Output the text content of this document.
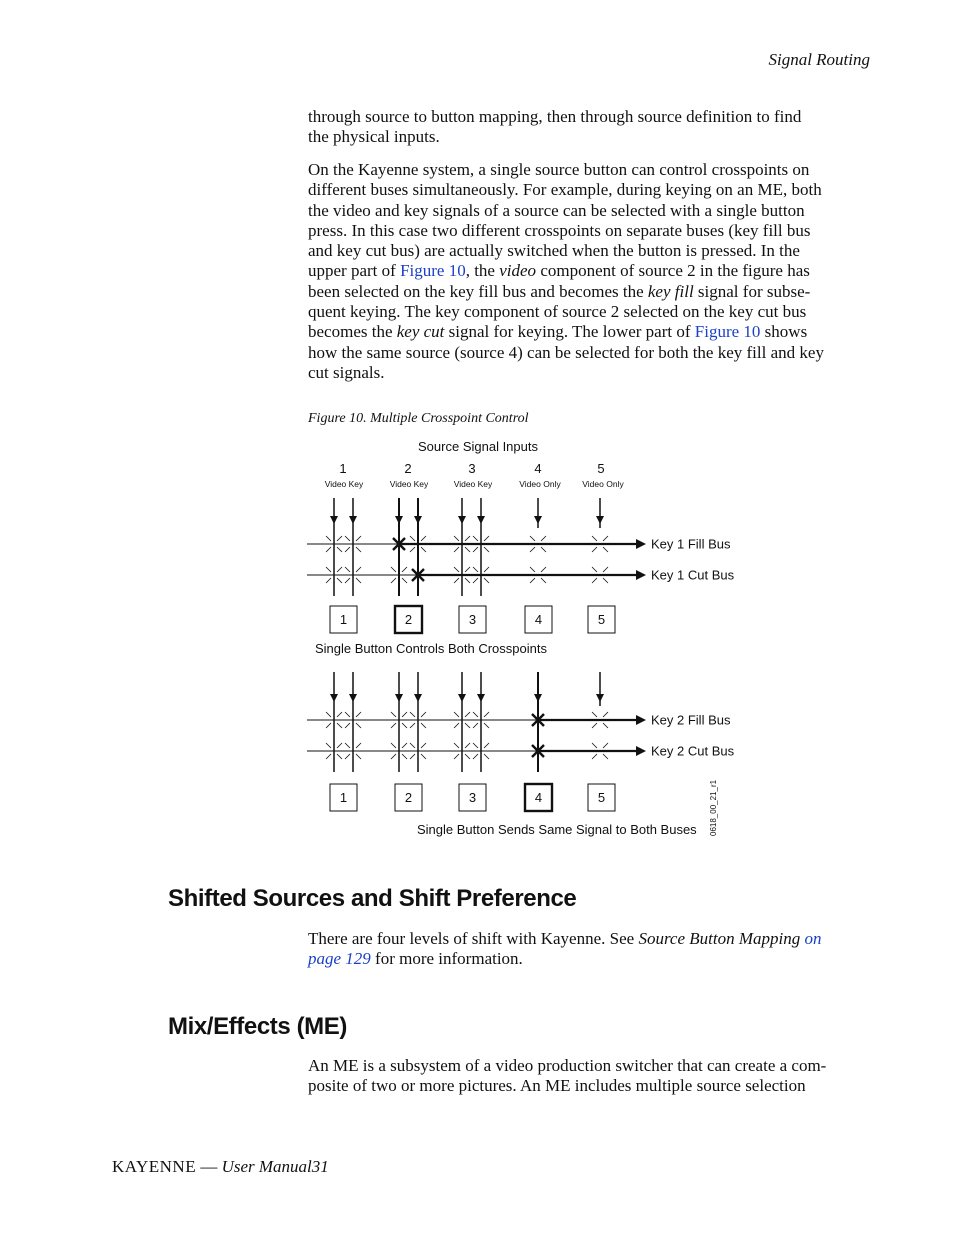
Signal Routing

through source to button mapping, then through source definition to find

the physical inputs.

On the Kayenne system, a single source button can control crosspoints on

different buses simultaneously. For example, during keying on an ME, both

the video and key signals of a source can be selected with a single button

press. In this case two different crosspoints on separate buses (key fill bus

and key cut bus) are actually switched when the button is pressed. In the

upper part of Figure 10, the video component of source 2 in the figure has

been selected on the key fill bus and becomes the key fill signal for subse-

quent keying. The key component of source 2 selected on the key cut bus

becomes the key cut signal for keying. The lower part of Figure 10 shows

how the same source (source 4) can be selected for both the key fill and key

cut signals.

Figure 10. Multiple Crosspoint Control
Source Signal Inputs
1
Video Key
2
Video Key
3
Video Key
4
Video Only
5
Video Only
Key 1 Fill Bus
Key 1 Cut Bus
1	2	3	4	5
Key 2 Fill Bus
Key 2 Cut Bus
1	2	3	4	5
Single Button Controls Both Crosspoints
Single Button Sends Same Signal to Both Buses 0618_00_21_r1
Shifted Sources and Shift Preference

There are four levels of shift with Kayenne. See Source Button Mapping on

page 129 for more information.

Mix/Effects (ME)

An ME is a subsystem of a video production switcher that can create a com-

posite of two or more pictures. An ME includes multiple source selection

KAYENNE — User Manual31
